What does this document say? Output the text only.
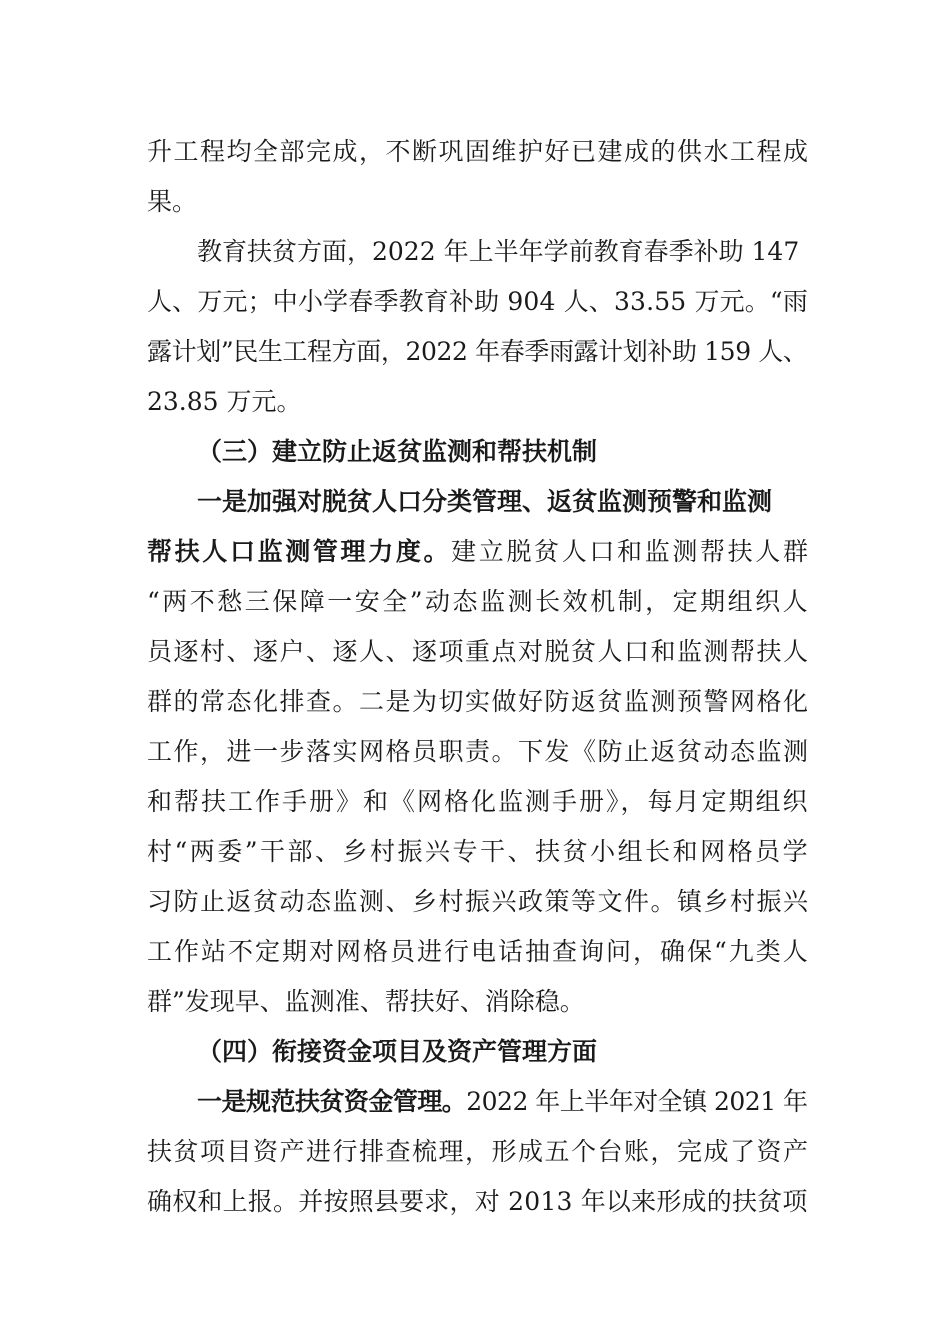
升工程均全部完成，不断巩固维护好已建成的供水工程成
果。
教育扶贫方面，2022 年上半年学前教育春季补助 147
人、万元；中小学春季教育补助 904 人、33.55 万元。“雨
露计划”民生工程方面，2022 年春季雨露计划补助 159 人、
23.85 万元。
（三）建立防止返贫监测和帮扶机制
一是加强对脱贫人口分类管理、返贫监测预警和监测
帮扶人口监测管理力度。建立脱贫人口和监测帮扶人群
“两不愁三保障一安全”动态监测长效机制，定期组织人
员逐村、逐户、逐人、逐项重点对脱贫人口和监测帮扶人
群的常态化排查。二是为切实做好防返贫监测预警网格化
工作，进一步落实网格员职责。下发《防止返贫动态监测
和帮扶工作手册》和《网格化监测手册》，每月定期组织
村“两委”干部、乡村振兴专干、扶贫小组长和网格员学
习防止返贫动态监测、乡村振兴政策等文件。镇乡村振兴
工作站不定期对网格员进行电话抽查询问，确保“九类人
群”发现早、监测准、帮扶好、消除稳。
（四）衔接资金项目及资产管理方面
一是规范扶贫资金管理。2022 年上半年对全镇 2021 年
扶贫项目资产进行排查梳理，形成五个台账，完成了资产
确权和上报。并按照县要求，对 2013 年以来形成的扶贫项
